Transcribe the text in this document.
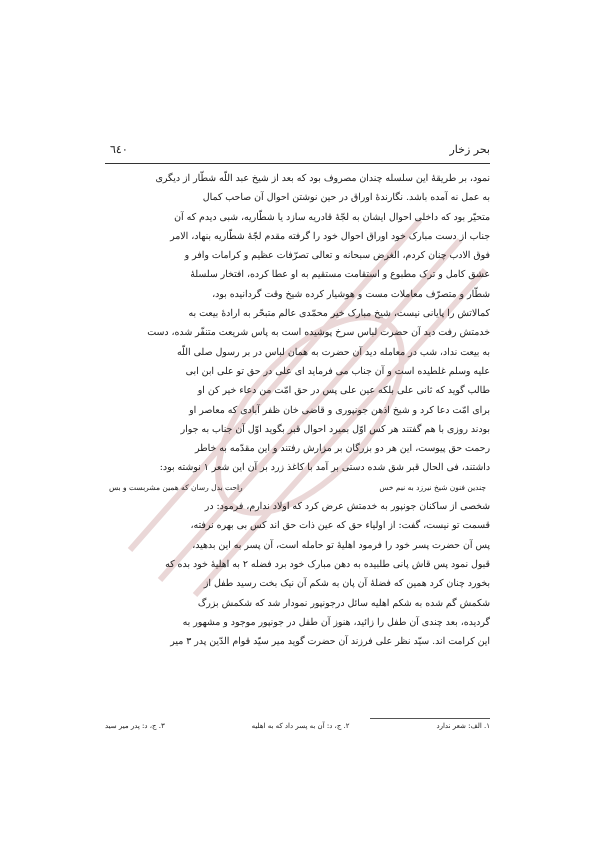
بحر زخار
٦٤٠
نمود، بر طریقهٔ این سلسله چندان مصروف بود که بعد از شیخ عبد اللّه شطّار از دیگری
به عمل نه آمده باشد. نگارندهٔ اوراق در حین نوشتن احوال آن صاحب کمال
متحیّر بود که داخلی احوال ایشان به لجّهٔ قادریه سازد یا شطّاریه، شبی دیدم که آن
جناب از دست مبارک خود اوراق احوال خود را گرفته مقدم لجّهٔ شطّاریه بنهاد، الامر
فوق الادب چنان کردم، الغرض سبحانه و تعالی تصرّفات عظیم و کرامات وافر و
عشق کامل و ترک مطبوع و استقامت مستقیم به او عطا کرده، افتخار سلسلهٔ
شطّار و متصرّف معاملات مست و هوشیار کرده شیخ وقت گردانیده بود،
کمالاتش را پایانی نیست، شیخ مبارک خیر محمّدی عالم متبحّر به ارادهٔ بیعت به
خدمتش رفت دید آن حضرت لباس سرخ پوشیده است به پاس شریعت متنفّر شده، دست
به بیعت نداد، شب در معامله دید آن حضرت به همان لباس در بر رسول صلی اللّه
علیه وسلم غلطیده است و آن جناب می فرماید ای علی در حق تو علی ابن ابی
طالب گوید که ثانی علی بلکه عین علی پس در حق امّت من دعاء خیر کن او
برای امّت دعا کرد و شیخ اذهن جونپوری و قاضی خان ظفر آبادی که معاصر او
بودند روزی با هم گفتند هر کس اوّل بمیرد احوال قبر بگوید اوّل آن جناب به جوار
رحمت حق پیوست، این هر دو بزرگان بر مزارش رفتند و این مقدّمه به خاطر
داشتند، فی الحال قبر شق شده دستی بر آمد با کاغذ زرد بر آن این شعر ١ نوشته بود:
چندین فنون شیخ نیرزد به نیم خس
راحت بدل رسان که همین مشربست و بس
شخصی از ساکنان جونپور به خدمتش عرض کرد که اولاد ندارم، فرمود: در
قسمت تو نیست، گفت: از اولیاء حق که عین ذات حق اند کس بی بهره نرفته،
پس آن حضرت پسر خود را فرمود اهلیهٔ تو حامله است، آن پسر به این بدهید،
قبول نمود پس قاش پانی طلبیده به دهن مبارک خود برد فضله ٢ به اهلیهٔ خود بده که
بخورد چنان کرد همین که فضلهٔ آن پان به شکم آن نیک بخت رسید طفل از
شکمش گم شده به شکم اهلیه سائل درجونپور نمودار شد که شکمش بزرگ
گردیده، بعد چندی آن طفل را زائید، هنوز آن طفل در جونپور موجود و مشهور به
این کرامت اند. سیّد نظر علی فرزند آن حضرت گوید میر سیّد قوام الدّین پدر ٣ میر
١. الف: شعر ندارد
٢. ج، د: آن به پسر داد که به اهلیه
٣. ج، د: پدر میر سید
